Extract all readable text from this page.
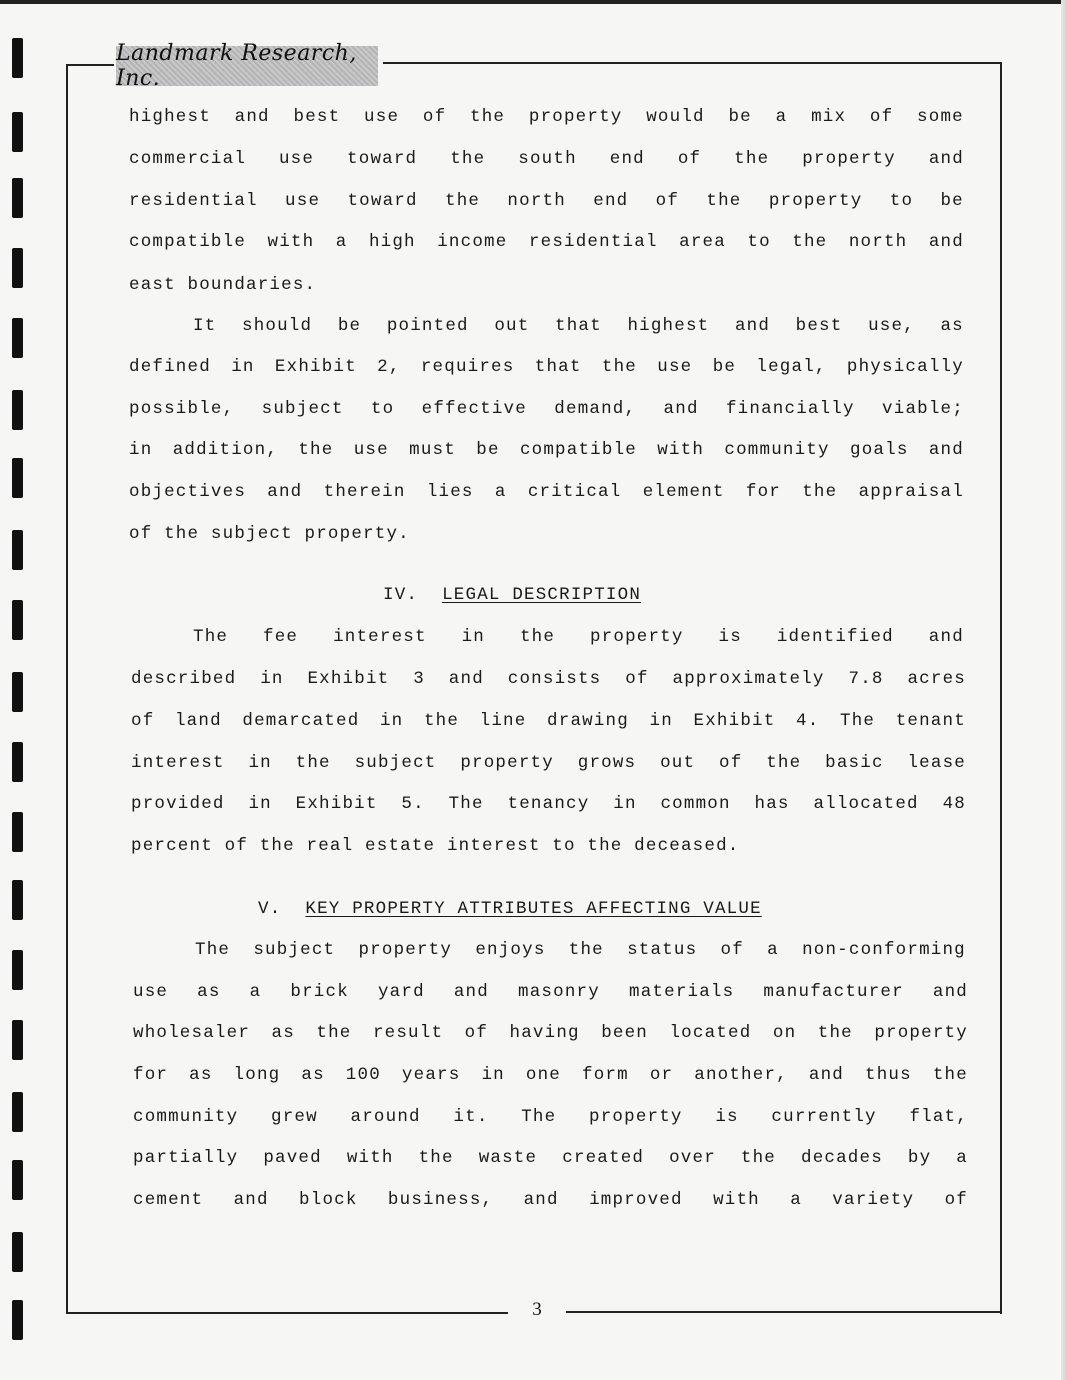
Landmark Research, Inc.

highest and best use of the property would be a mix of some

commercial use toward the south end of the property and

residential use toward the north end of the property to be

compatible with a high income residential area to the north and

east boundaries.

It should be pointed out that highest and best use, as

defined in Exhibit 2, requires that the use be legal, physically

possible, subject to effective demand, and financially viable;

in addition, the use must be compatible with community goals and

objectives and therein lies a critical element for the appraisal

of the subject property.

IV. LEGAL DESCRIPTION

The fee interest in the property is identified and

described in Exhibit 3 and consists of approximately 7.8 acres

of land demarcated in the line drawing in Exhibit 4. The tenant

interest in the subject property grows out of the basic lease

provided in Exhibit 5. The tenancy in common has allocated 48

percent of the real estate interest to the deceased.

V. KEY PROPERTY ATTRIBUTES AFFECTING VALUE

The subject property enjoys the status of a non-conforming

use as a brick yard and masonry materials manufacturer and

wholesaler as the result of having been located on the property

for as long as 100 years in one form or another, and thus the

community grew around it. The property is currently flat,

partially paved with the waste created over the decades by a

cement and block business, and improved with a variety of

3
